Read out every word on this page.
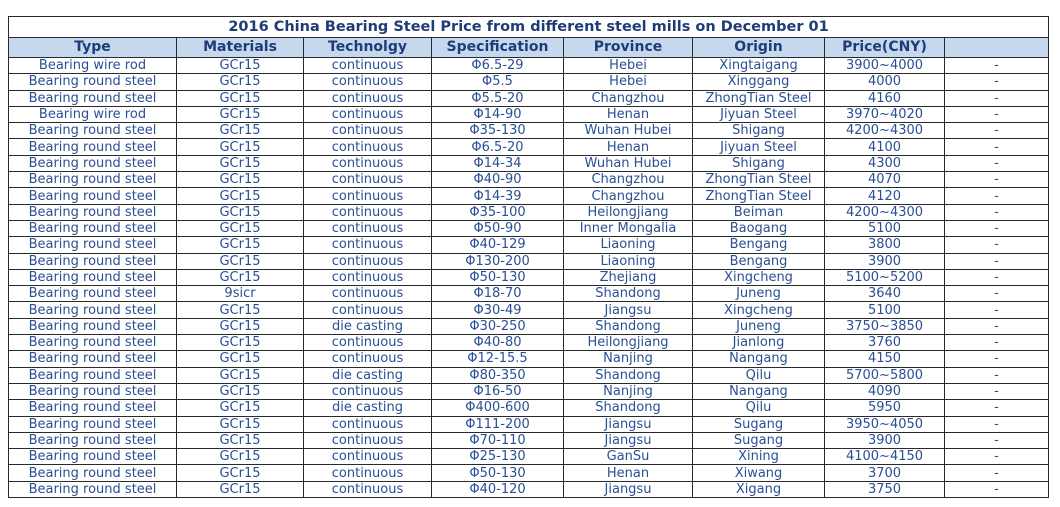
2016 China Bearing Steel Price from different steel mills on December 01							
Type	Materials	Technolgy	Specification	Province	Origin	Price(CNY)	
Bearing wire rod	GCr15	continuous	Φ6.5-29	Hebei	Xingtaigang	3900~4000	-
Bearing round steel	GCr15	continuous	Φ5.5	Hebei	Xinggang	4000	-
Bearing round steel	GCr15	continuous	Φ5.5-20	Changzhou	ZhongTian Steel	4160	-
Bearing wire rod	GCr15	continuous	Φ14-90	Henan	Jiyuan Steel	3970~4020	-
Bearing round steel	GCr15	continuous	Φ35-130	Wuhan Hubei	Shigang	4200~4300	-
Bearing round steel	GCr15	continuous	Φ6.5-20	Henan	Jiyuan Steel	4100	-
Bearing round steel	GCr15	continuous	Φ14-34	Wuhan Hubei	Shigang	4300	-
Bearing round steel	GCr15	continuous	Φ40-90	Changzhou	ZhongTian Steel	4070	-
Bearing round steel	GCr15	continuous	Φ14-39	Changzhou	ZhongTian Steel	4120	-
Bearing round steel	GCr15	continuous	Φ35-100	Heilongjiang	Beiman	4200~4300	-
Bearing round steel	GCr15	continuous	Φ50-90	Inner Mongalia	Baogang	5100	-
Bearing round steel	GCr15	continuous	Φ40-129	Liaoning	Bengang	3800	-
Bearing round steel	GCr15	continuous	Φ130-200	Liaoning	Bengang	3900	-
Bearing round steel	GCr15	continuous	Φ50-130	Zhejiang	Xingcheng	5100~5200	-
Bearing round steel	9sicr	continuous	Φ18-70	Shandong	Juneng	3640	-
Bearing round steel	GCr15	continuous	Φ30-49	Jiangsu	Xingcheng	5100	-
Bearing round steel	GCr15	die casting	Φ30-250	Shandong	Juneng	3750~3850	-
Bearing round steel	GCr15	continuous	Φ40-80	Heilongjiang	Jianlong	3760	-
Bearing round steel	GCr15	continuous	Φ12-15.5	Nanjing	Nangang	4150	-
Bearing round steel	GCr15	die casting	Φ80-350	Shandong	Qilu	5700~5800	-
Bearing round steel	GCr15	continuous	Φ16-50	Nanjing	Nangang	4090	-
Bearing round steel	GCr15	die casting	Φ400-600	Shandong	Qilu	5950	-
Bearing round steel	GCr15	continuous	Φ111-200	Jiangsu	Sugang	3950~4050	-
Bearing round steel	GCr15	continuous	Φ70-110	Jiangsu	Sugang	3900	-
Bearing round steel	GCr15	continuous	Φ25-130	GanSu	Xining	4100~4150	-
Bearing round steel	GCr15	continuous	Φ50-130	Henan	Xiwang	3700	-
Bearing round steel	GCr15	continuous	Φ40-120	Jiangsu	Xigang	3750	-
